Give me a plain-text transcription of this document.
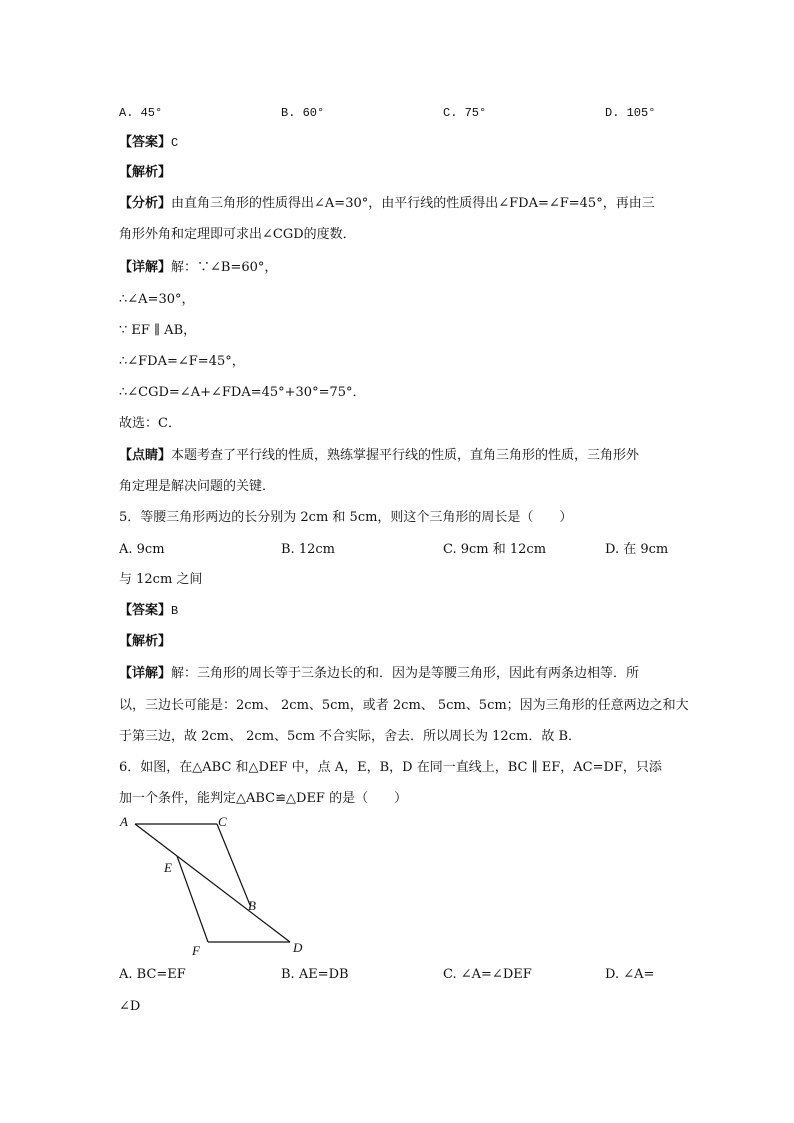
A. 45°	B. 60°	C. 75°	D. 105°
【答案】C
【解析】
【分析】由直角三角形的性质得出∠A=30°，由平行线的性质得出∠FDA=∠F=45°，再由三
角形外角和定理即可求出∠CGD的度数．
【详解】解：∵∠B=60°，
∴∠A=30°，
∵ EF ∥ AB，
∴∠FDA=∠F=45°，
∴∠CGD=∠A+∠FDA=45°+30°=75°．
故选：C．
【点睛】本题考查了平行线的性质，熟练掌握平行线的性质，直角三角形的性质，三角形外
角定理是解决问题的关键．
5．等腰三角形两边的长分别为 2cm 和 5cm，则这个三角形的周长是（　　）
A. 9cm	B. 12cm	C. 9cm 和 12cm	D. 在 9cm
与 12cm 之间
【答案】B
【解析】
【详解】解：三角形的周长等于三条边长的和．因为是等腰三角形，因此有两条边相等．所
以，三边长可能是：2cm、 2cm、5cm，或者 2cm、 5cm、5cm；因为三角形的任意两边之和大
于第三边，故 2cm、 2cm、5cm 不合实际，舍去．所以周长为 12cm．故 B．
6．如图，在△ABC 和△DEF 中，点 A，E，B，D 在同一直线上，BC ∥ EF，AC=DF，只添
加一个条件，能判定△ABC≌△DEF 的是（　　）
A	C
E
B
F	D
A. BC=EF	B. AE=DB	C. ∠A=∠DEF	D. ∠A=
∠D
